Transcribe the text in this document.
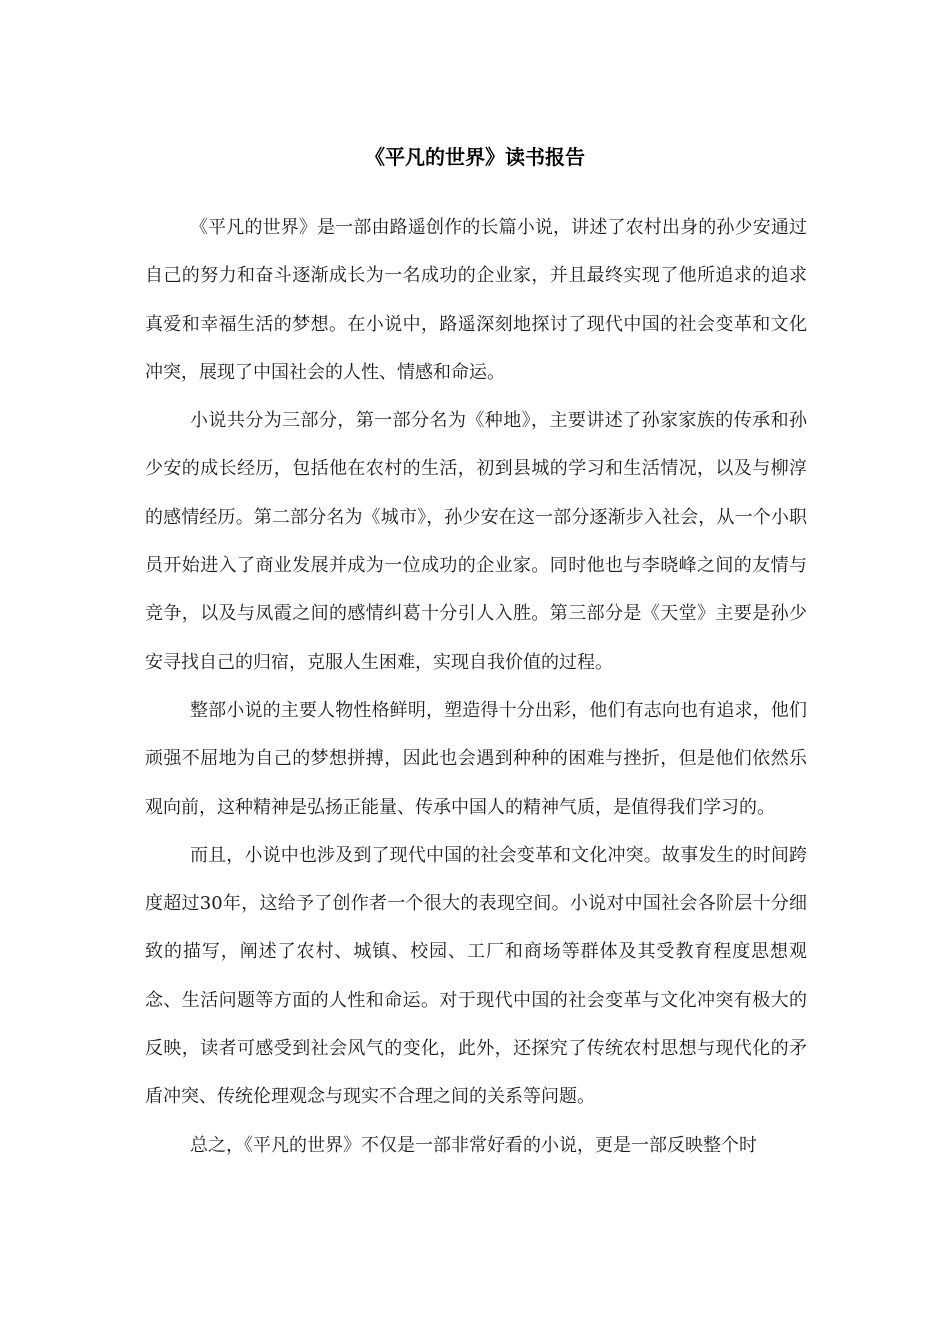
《平凡的世界》读书报告

《平凡的世界》是一部由路遥创作的长篇小说，讲述了农村出身的孙少安通过自己的努力和奋斗逐渐成长为一名成功的企业家，并且最终实现了他所追求的追求真爱和幸福生活的梦想。在小说中，路遥深刻地探讨了现代中国的社会变革和文化冲突，展现了中国社会的人性、情感和命运。

小说共分为三部分，第一部分名为《种地》，主要讲述了孙家家族的传承和孙少安的成长经历，包括他在农村的生活，初到县城的学习和生活情况，以及与柳淳的感情经历。第二部分名为《城市》，孙少安在这一部分逐渐步入社会，从一个小职员开始进入了商业发展并成为一位成功的企业家。同时他也与李晓峰之间的友情与竞争，以及与凤霞之间的感情纠葛十分引人入胜。第三部分是《天堂》主要是孙少安寻找自己的归宿，克服人生困难，实现自我价值的过程。

整部小说的主要人物性格鲜明，塑造得十分出彩，他们有志向也有追求，他们顽强不屈地为自己的梦想拼搏，因此也会遇到种种的困难与挫折，但是他们依然乐观向前，这种精神是弘扬正能量、传承中国人的精神气质，是值得我们学习的。

而且，小说中也涉及到了现代中国的社会变革和文化冲突。故事发生的时间跨度超过30年，这给予了创作者一个很大的表现空间。小说对中国社会各阶层十分细致的描写，阐述了农村、城镇、校园、工厂和商场等群体及其受教育程度思想观念、生活问题等方面的人性和命运。对于现代中国的社会变革与文化冲突有极大的反映，读者可感受到社会风气的变化，此外，还探究了传统农村思想与现代化的矛盾冲突、传统伦理观念与现实不合理之间的关系等问题。

总之，《平凡的世界》不仅是一部非常好看的小说，更是一部反映整个时
